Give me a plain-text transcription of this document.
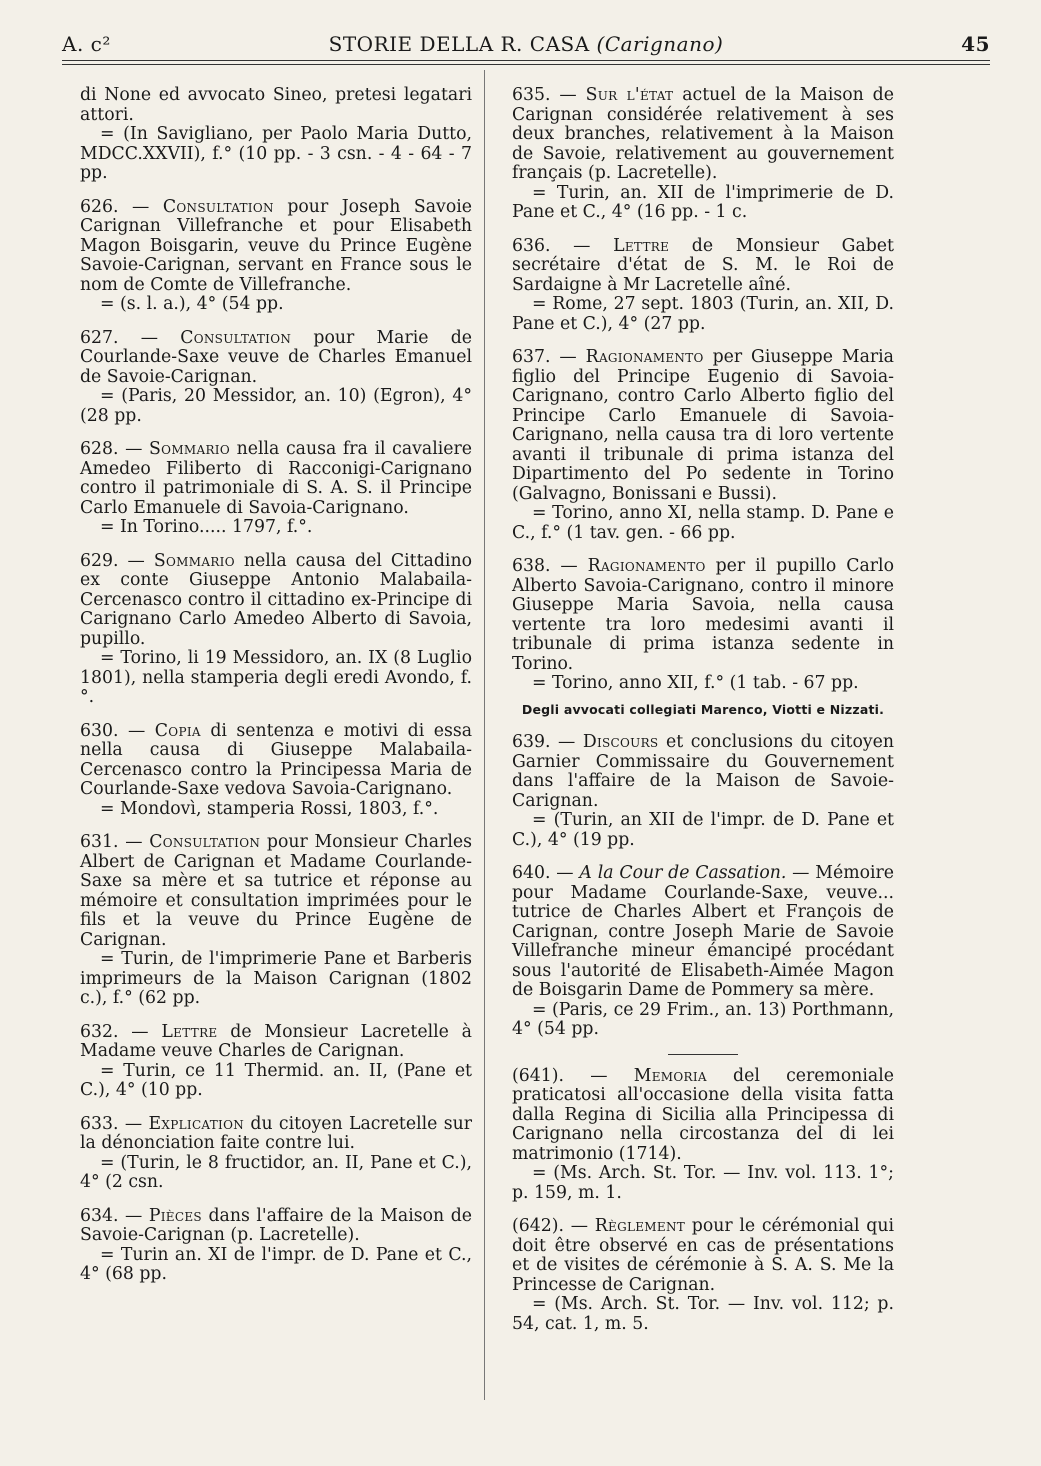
A. c²	STORIE DELLA R. CASA (Carignano)	45
di None ed avvocato Sineo, pretesi legatari attori.
= (In Savigliano, per Paolo Maria Dutto, MDCC.XXVII), f.° (10 pp. - 3 csn. - 4 - 64 - 7 pp.
626. — Consultation pour Joseph Savoie Carignan Villefranche et pour Elisabeth Magon Boisgarin, veuve du Prince Eugène Savoie-Carignan, servant en France sous le nom de Comte de Villefranche.
= (s. l. a.), 4° (54 pp.
627. — Consultation pour Marie de Courlande-Saxe veuve de Charles Emanuel de Savoie-Carignan.
= (Paris, 20 Messidor, an. 10) (Egron), 4° (28 pp.
628. — Sommario nella causa fra il cavaliere Amedeo Filiberto di Racconigi-Carignano contro il patrimoniale di S. A. S. il Principe Carlo Emanuele di Savoia-Carignano.
= In Torino..... 1797, f.°.
629. — Sommario nella causa del Cittadino ex conte Giuseppe Antonio Malabaila-Cercenasco contro il cittadino ex-Principe di Carignano Carlo Amedeo Alberto di Savoia, pupillo.
= Torino, li 19 Messidoro, an. IX (8 Luglio 1801), nella stamperia degli eredi Avondo, f.°.
630. — Copia di sentenza e motivi di essa nella causa di Giuseppe Malabaila-Cercenasco contro la Principessa Maria de Courlande-Saxe vedova Savoia-Carignano.
= Mondovì, stamperia Rossi, 1803, f.°.
631. — Consultation pour Monsieur Charles Albert de Carignan et Madame Courlande-Saxe sa mère et sa tutrice et réponse au mémoire et consultation imprimées pour le fils et la veuve du Prince Eugène de Carignan.
= Turin, de l'imprimerie Pane et Barberis imprimeurs de la Maison Carignan (1802 c.), f.° (62 pp.
632. — Lettre de Monsieur Lacretelle à Madame veuve Charles de Carignan.
= Turin, ce 11 Thermid. an. II, (Pane et C.), 4° (10 pp.
633. — Explication du citoyen Lacretelle sur la dénonciation faite contre lui.
= (Turin, le 8 fructidor, an. II, Pane et C.), 4° (2 csn.
634. — Pièces dans l'affaire de la Maison de Savoie-Carignan (p. Lacretelle).
= Turin an. XI de l'impr. de D. Pane et C., 4° (68 pp.
635. — Sur l'état actuel de la Maison de Carignan considérée relativement à ses deux branches, relativement à la Maison de Savoie, relativement au gouvernement français (p. Lacretelle).
= Turin, an. XII de l'imprimerie de D. Pane et C., 4° (16 pp. - 1 c.
636. — Lettre de Monsieur Gabet secrétaire d'état de S. M. le Roi de Sardaigne à Mr Lacretelle aîné.
= Rome, 27 sept. 1803 (Turin, an. XII, D. Pane et C.), 4° (27 pp.
637. — Ragionamento per Giuseppe Maria figlio del Principe Eugenio di Savoia-Carignano, contro Carlo Alberto figlio del Principe Carlo Emanuele di Savoia-Carignano, nella causa tra di loro vertente avanti il tribunale di prima istanza del Dipartimento del Po sedente in Torino (Galvagno, Bonissani e Bussi).
= Torino, anno XI, nella stamp. D. Pane e C., f.° (1 tav. gen. - 66 pp.
638. — Ragionamento per il pupillo Carlo Alberto Savoia-Carignano, contro il minore Giuseppe Maria Savoia, nella causa vertente tra loro medesimi avanti il tribunale di prima istanza sedente in Torino.
= Torino, anno XII, f.° (1 tab. - 67 pp.
Degli avvocati collegiati Marenco, Viotti e Nizzati.
639. — Discours et conclusions du citoyen Garnier Commissaire du Gouvernement dans l'affaire de la Maison de Savoie-Carignan.
= (Turin, an XII de l'impr. de D. Pane et C.), 4° (19 pp.
640. — A la Cour de Cassation. — Mémoire pour Madame Courlande-Saxe, veuve... tutrice de Charles Albert et François de Carignan, contre Joseph Marie de Savoie Villefranche mineur émancipé procédant sous l'autorité de Elisabeth-Aimée Magon de Boisgarin Dame de Pommery sa mère.
= (Paris, ce 29 Frim., an. 13) Porthmann, 4° (54 pp.
(641). — Memoria del ceremoniale praticatosi all'occasione della visita fatta dalla Regina di Sicilia alla Principessa di Carignano nella circostanza del di lei matrimonio (1714).
= (Ms. Arch. St. Tor. — Inv. vol. 113. 1°; p. 159, m. 1.
(642). — Règlement pour le cérémonial qui doit être observé en cas de présentations et de visites de cérémonie à S. A. S. Me la Princesse de Carignan.
= (Ms. Arch. St. Tor. — Inv. vol. 112; p. 54, cat. 1, m. 5.
